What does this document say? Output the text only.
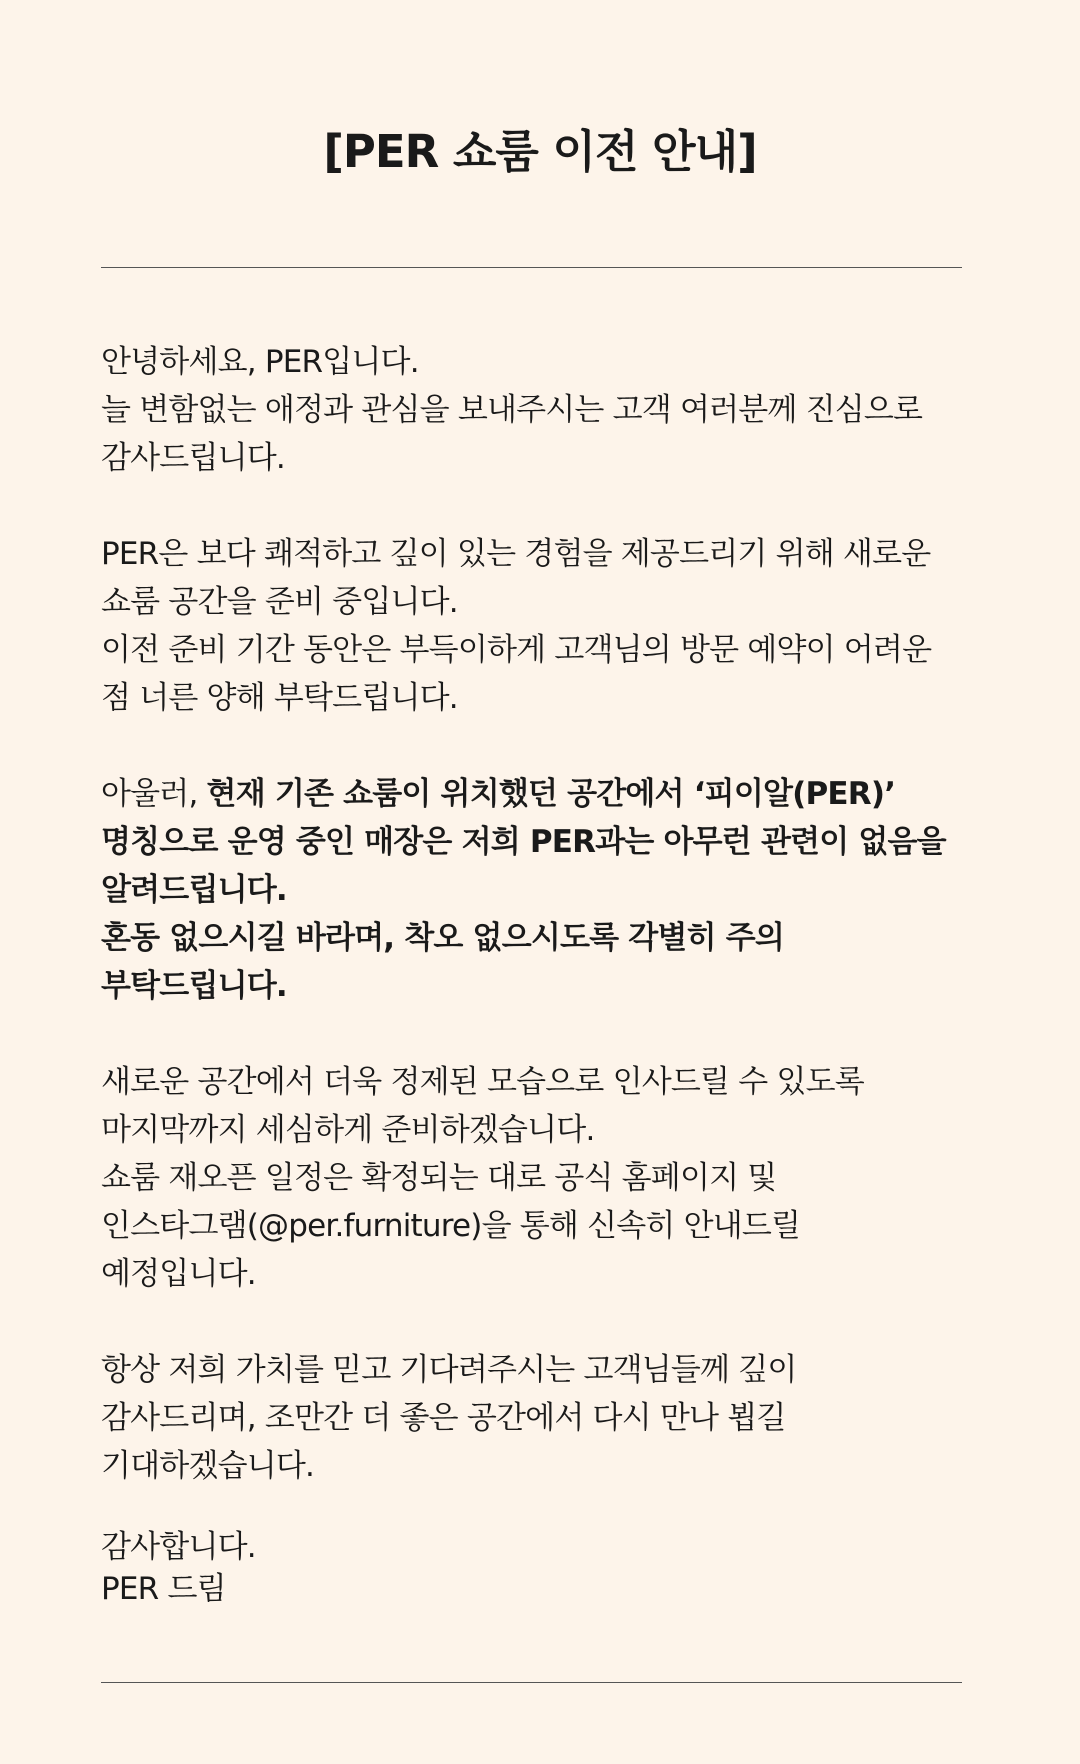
[PER 쇼룸 이전 안내]

안녕하세요, PER입니다.
늘 변함없는 애정과 관심을 보내주시는 고객 여러분께 진심으로
감사드립니다.

PER은 보다 쾌적하고 깊이 있는 경험을 제공드리기 위해 새로운
쇼룸 공간을 준비 중입니다.
이전 준비 기간 동안은 부득이하게 고객님의 방문 예약이 어려운
점 너른 양해 부탁드립니다.

아울러, 현재 기존 쇼룸이 위치했던 공간에서 ‘피이알(PER)’
명칭으로 운영 중인 매장은 저희 PER과는 아무런 관련이 없음을
알려드립니다.
혼동 없으시길 바라며, 착오 없으시도록 각별히 주의
부탁드립니다.

새로운 공간에서 더욱 정제된 모습으로 인사드릴 수 있도록
마지막까지 세심하게 준비하겠습니다.
쇼룸 재오픈 일정은 확정되는 대로 공식 홈페이지 및
인스타그램(@per.furniture)을 통해 신속히 안내드릴
예정입니다.

항상 저희 가치를 믿고 기다려주시는 고객님들께 깊이
감사드리며, 조만간 더 좋은 공간에서 다시 만나 뵙길
기대하겠습니다.

감사합니다.
PER 드림
